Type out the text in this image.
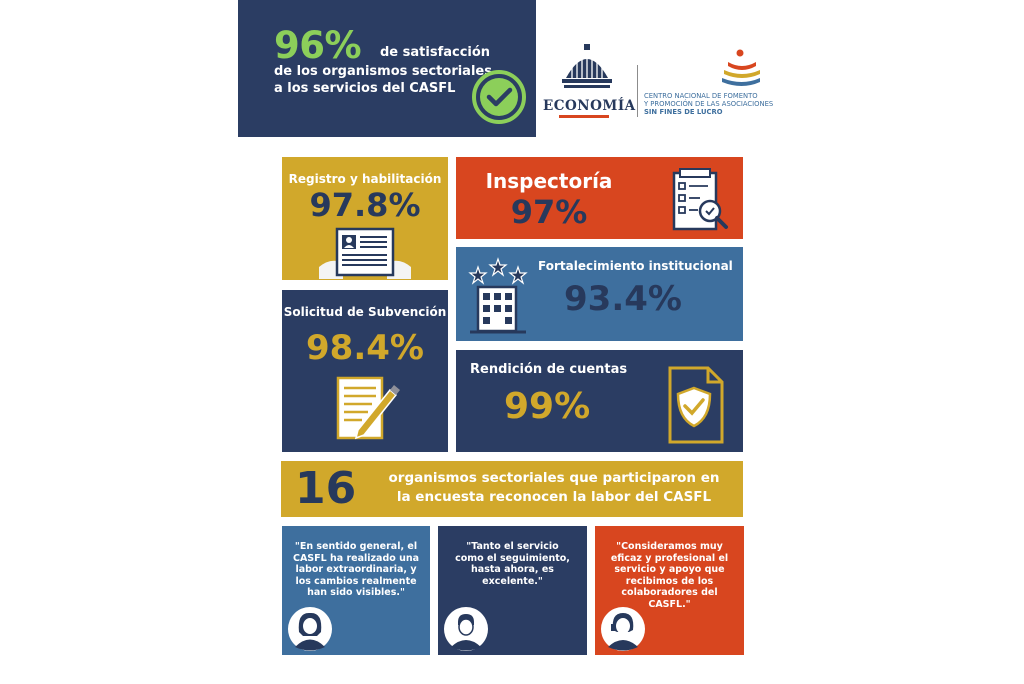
96% de satisfacción
de los organismos sectoriales
a los servicios del CASFL
ECONOMÍA
CENTRO NACIONAL DE FOMENTO
Y PROMOCIÓN DE LAS ASOCIACIONES
SIN FINES DE LUCRO
Registro y habilitación
97.8%
Inspectoría
97%
Fortalecimiento institucional
93.4%
Solicitud de Subvención
98.4%
Rendición de cuentas
99%
16	organismos sectoriales que participaron en
la encuesta reconocen la labor del CASFL
"En sentido general, el
CASFL ha realizado una
labor extraordinaria, y
los cambios realmente
han sido visibles."
"Tanto el servicio
como el seguimiento,
hasta ahora, es
excelente."
"Consideramos muy
eficaz y profesional el
servicio y apoyo que
recibimos de los
colaboradores del
CASFL."
